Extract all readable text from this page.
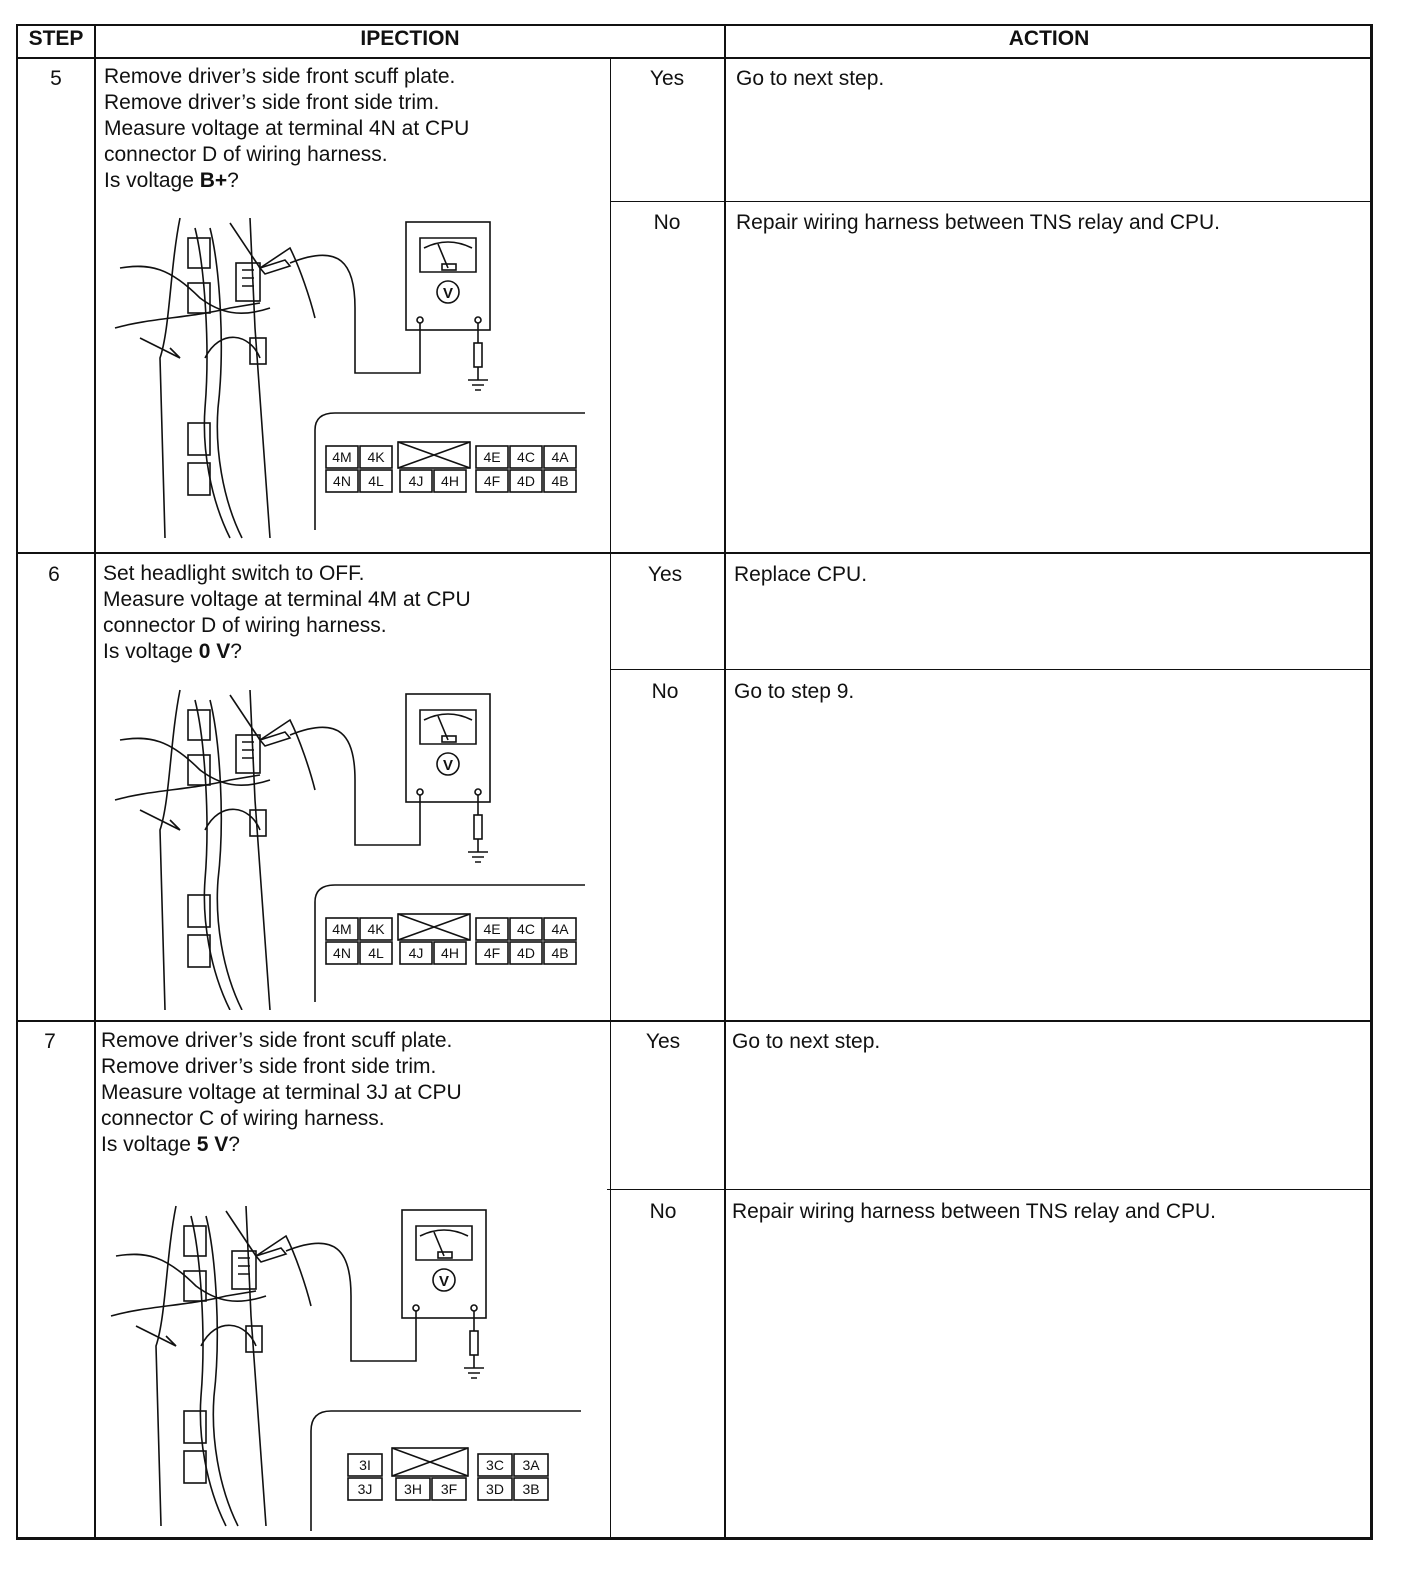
STEP	IPECTION	ACTION
5	Remove driver’s side front scuff plate.
Remove driver’s side front side trim.
Measure voltage at terminal 4N at CPU
connector D of wiring harness.
Is voltage B+?
Yes	Go to next step.
No	Repair wiring harness between TNS relay and CPU.
6	Set headlight switch to OFF.
Measure voltage at terminal 4M at CPU
connector D of wiring harness.
Is voltage 0 V?
Yes	Replace CPU.
No	Go to step 9.
7	Remove driver’s side front scuff plate.
Remove driver’s side front side trim.
Measure voltage at terminal 3J at CPU
connector C of wiring harness.
Is voltage 5 V?
Yes	Go to next step.
No	Repair wiring harness between TNS relay and CPU.
V
4M 4K	4E 4C 4A
4N 4L 4J 4H 4F 4D 4B
V
4M 4K	4E 4C 4A
4N 4L 4J 4H 4F 4D 4B
V
3I	3C 3A
3J 3H 3F 3D 3B
